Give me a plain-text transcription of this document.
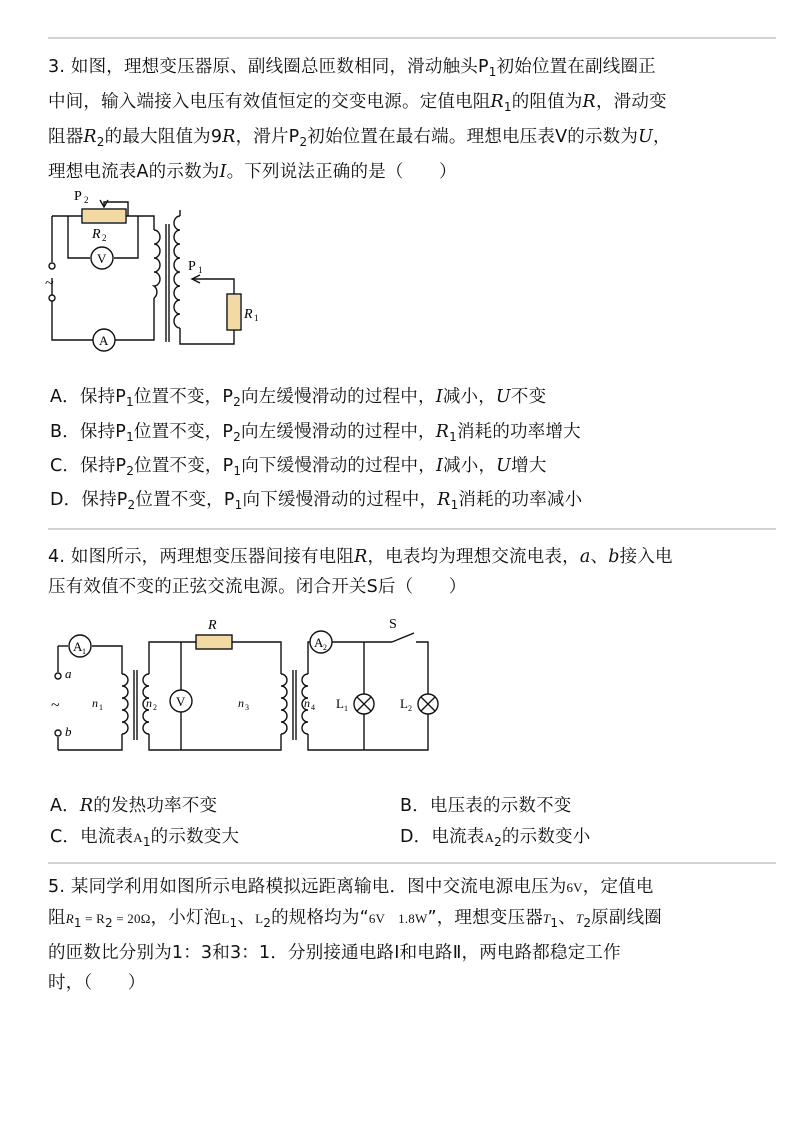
3. 如图，理想变压器原、副线圈总匝数相同，滑动触头$P_1$初始位置在副线圈正
中间，输入端接入电压有效值恒定的交变电源。定值电阻$R_1$的阻值为R，滑动变
阻器$R_2$的最大阻值为9R，滑片$P_2$初始位置在最右端。理想电压表V的示数为U，
理想电流表A的示数为I。下列说法正确的是（　　）
P 2
R 2
V
P 1
~
R 1
A
A．保持$P_1$位置不变，$P_2$向左缓慢滑动的过程中，I减小，U不变
B．保持$P_1$位置不变，$P_2$向左缓慢滑动的过程中，$R_1$消耗的功率增大
C．保持$P_2$位置不变，$P_1$向下缓慢滑动的过程中，I减小，U增大
D．保持$P_2$位置不变，$P_1$向下缓慢滑动的过程中，$R_1$消耗的功率减小
4. 如图所示，两理想变压器间接有电阻R，电表均为理想交流电表，a、b接入电
压有效值不变的正弦交流电源。闭合开关S后（　　）
A 1
a
~
b
n 1	n 2 V
R
n 3	n 4
A 2
S
L 1	L 2
A．R的发热功率不变	B．电压表的示数不变
C．电流表$A_1$的示数变大	D．电流表$A_2$的示数变小
5. 某同学利用如图所示电路模拟远距离输电．图中交流电源电压为6V，定值电
阻$R_1 = R_2 = 20\Omega$，小灯泡$L_1$、$L_2$的规格均为“6V　1.8W”，理想变压器$T_1$、$T_2$原副线圈
的匝数比分别为1：3和3：1．分别接通电路Ⅰ和电路Ⅱ，两电路都稳定工作
时，（　　）
